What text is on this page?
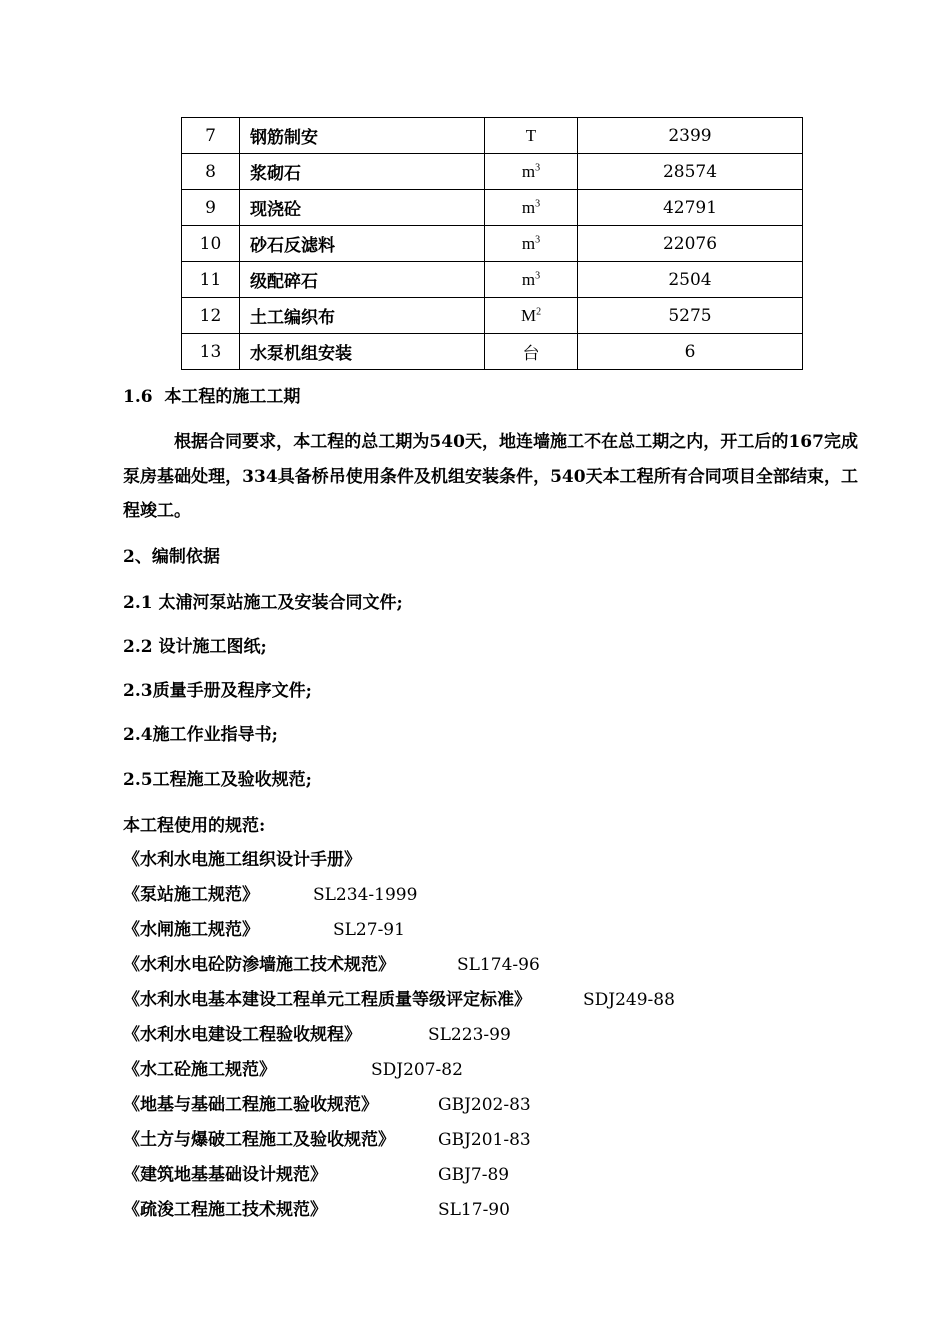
7	钢筋制安	T	2399
8	浆砌石	$m^3$	28574
9	现浇砼	$m^3$	42791
10	砂石反滤料	$m^3$	22076
11	级配碎石	$m^3$	2504
12	土工编织布	$M^2$	5275
13	水泵机组安装	台	6
1.6  本工程的施工工期
根据合同要求，本工程的总工期为540天，地连墙施工不在总工期之内，开工后的167完成泵房基础处理，334具备桥吊使用条件及机组安装条件，540天本工程所有合同项目全部结束，工程竣工。
2、编制依据
2.1 太浦河泵站施工及安装合同文件;
2.2 设计施工图纸;
2.3质量手册及程序文件;
2.4施工作业指导书;
2.5工程施工及验收规范;
本工程使用的规范:
《水利水电施工组织设计手册》
《泵站施工规范》	SL234-1999
《水闸施工规范》	SL27-91
《水利水电砼防渗墙施工技术规范》	SL174-96
《水利水电基本建设工程单元工程质量等级评定标准》	SDJ249-88
《水利水电建设工程验收规程》	SL223-99
《水工砼施工规范》	SDJ207-82
《地基与基础工程施工验收规范》	GBJ202-83
《土方与爆破工程施工及验收规范》	GBJ201-83
《建筑地基基础设计规范》	GBJ7-89
《疏浚工程施工技术规范》	SL17-90
